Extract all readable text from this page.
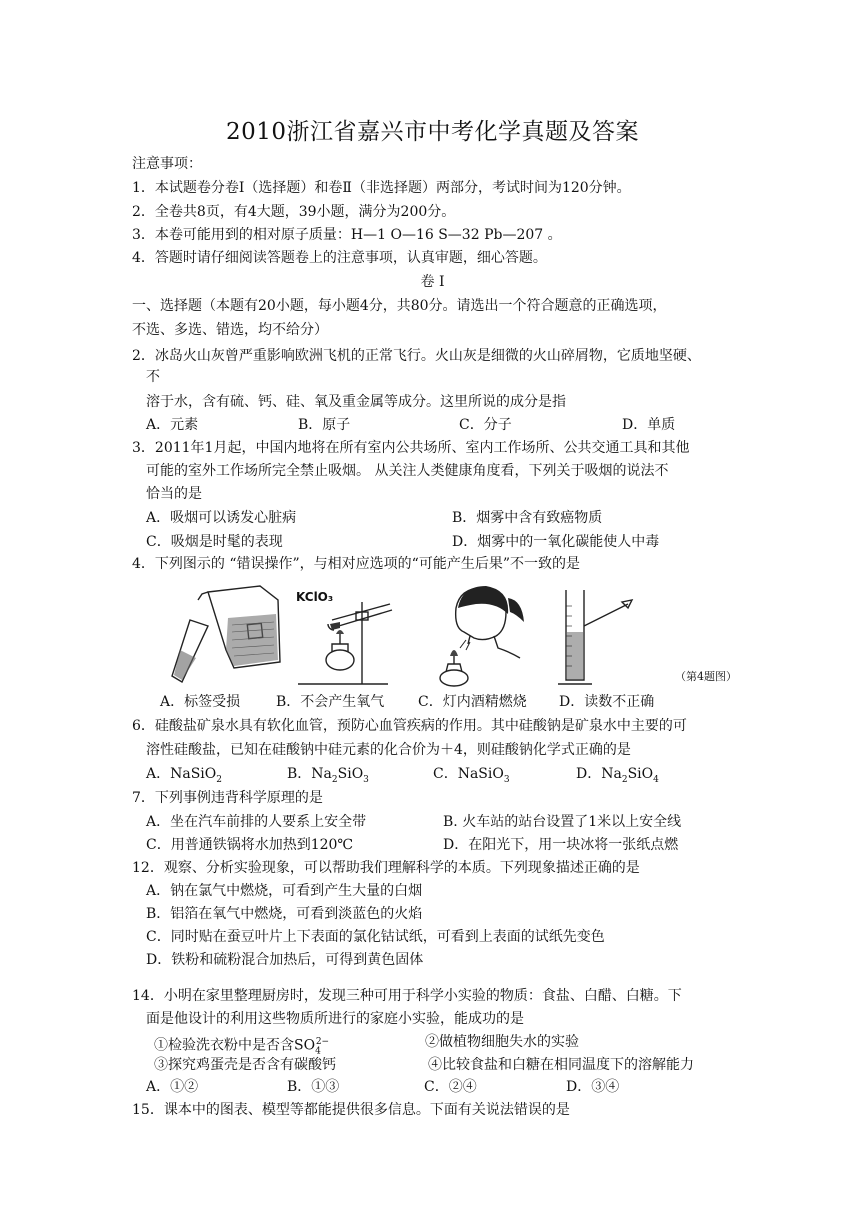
2010浙江省嘉兴市中考化学真题及答案
注意事项：
1．本试题卷分卷Ⅰ（选择题）和卷Ⅱ（非选择题）两部分，考试时间为120分钟。
2．全卷共8页，有4大题，39小题，满分为200分。
3．本卷可能用到的相对原子质量：H—1 O—16 S—32 Pb—207 。
4．答题时请仔细阅读答题卷上的注意事项，认真审题，细心答题。
卷 Ⅰ
一、选择题（本题有20小题，每小题4分，共80分。请选出一个符合题意的正确选项，
不选、多选、错选，均不给分）
2．冰岛火山灰曾严重影响欧洲飞机的正常飞行。火山灰是细微的火山碎屑物，它质地坚硬、
不
溶于水，含有硫、钙、硅、氧及重金属等成分。这里所说的成分是指
A．元素	B．原子	C．分子	D．单质
3．2011年1月起，中国内地将在所有室内公共场所、室内工作场所、公共交通工具和其他
可能的室外工作场所完全禁止吸烟。 从关注人类健康角度看，下列关于吸烟的说法不
恰当的是
A．吸烟可以诱发心脏病	B．烟雾中含有致癌物质
C．吸烟是时髦的表现	D．烟雾中的一氧化碳能使人中毒
4．下列图示的 “错误操作”，与相对应选项的“可能产生后果”不一致的是
KClO₃
（第4题图）
A．标签受损	B．不会产生氧气 C．灯内酒精燃烧 D．读数不正确
6．硅酸盐矿泉水具有软化血管，预防心血管疾病的作用。其中硅酸钠是矿泉水中主要的可
溶性硅酸盐，已知在硅酸钠中硅元素的化合价为＋4，则硅酸钠化学式正确的是
A．NaSiO$_2$	B．$Na_2SiO_3$	C．NaSiO$_3$	D．$Na_2SiO_4$
7．下列事例违背科学原理的是
A．坐在汽车前排的人要系上安全带	B. 火车站的站台设置了1米以上安全线
C．用普通铁锅将水加热到120℃	D．在阳光下，用一块冰将一张纸点燃
12．观察、分析实验现象，可以帮助我们理解科学的本质。下列现象描述正确的是
A．钠在氯气中燃烧，可看到产生大量的白烟
B．铝箔在氧气中燃烧，可看到淡蓝色的火焰
C．同时贴在蚕豆叶片上下表面的氯化钴试纸，可看到上表面的试纸先变色
D．铁粉和硫粉混合加热后，可得到黄色固体
14．小明在家里整理厨房时，发现三种可用于科学小实验的物质：食盐、白醋、白糖。下
面是他设计的利用这些物质所进行的家庭小实验，能成功的是
①检验洗衣粉中是否含$SO_4^{2-}$	②做植物细胞失水的实验
③探究鸡蛋壳是否含有碳酸钙	④比较食盐和白糖在相同温度下的溶解能力
A．①②	B．①③	C．②④	D．③④
15．课本中的图表、模型等都能提供很多信息。下面有关说法错误的是
